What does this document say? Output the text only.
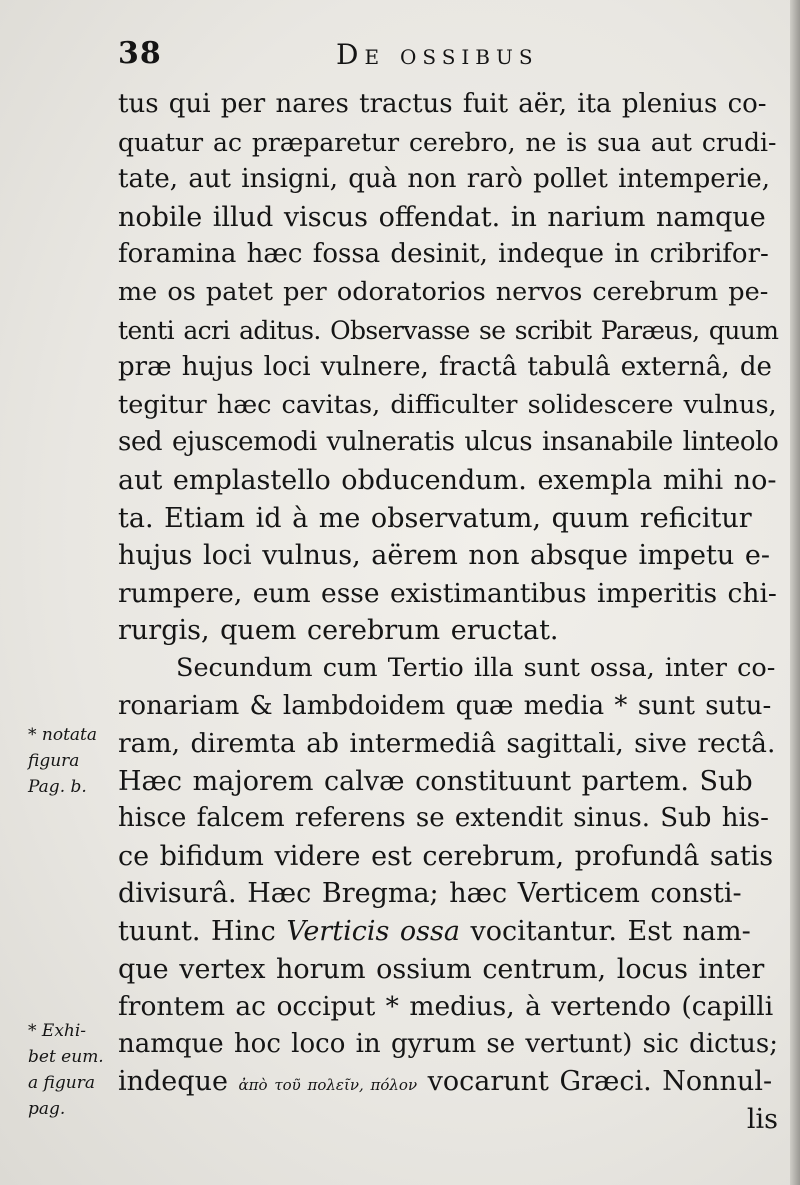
38	De ossibus
tus qui per nares tractus fuit aër, ita plenius co-
quatur ac præparetur cerebro, ne is sua aut crudi-
tate, aut insigni, quà non rarò pollet intemperie,
nobile illud viscus offendat. in narium namque
foramina hæc fossa desinit, indeque in cribrifor-
me os patet per odoratorios nervos cerebrum pe-
tenti acri aditus. Observasse se scribit Paræus, quum
præ hujus loci vulnere, fractâ tabulâ externâ, de
tegitur hæc cavitas, difficulter solidescere vulnus,
sed ejuscemodi vulneratis ulcus insanabile linteolo
aut emplastello obducendum. exempla mihi no-
ta. Etiam id à me observatum, quum reficitur
hujus loci vulnus, aërem non absque impetu e-
rumpere, eum esse existimantibus imperitis chi-
rurgis, quem cerebrum eructat.
Secundum cum Tertio illa sunt ossa, inter co-
ronariam & lambdoidem quæ media * sunt sutu-
ram, diremta ab intermediâ sagittali, sive rectâ.
Hæc majorem calvæ constituunt partem. Sub
hisce falcem referens se extendit sinus. Sub his-
ce bifidum videre est cerebrum, profundâ satis
divisurâ. Hæc Bregma; hæc Verticem consti-
tuunt. Hinc Verticis ossa vocitantur. Est nam-
que vertex horum ossium centrum, locus inter
frontem ac occiput * medius, à vertendo (capilli
namque hoc loco in gyrum se vertunt) sic dictus;
indeque ἀπὸ τοῦ πολεῖν, πόλον vocarunt Græci. Nonnul-
lis
* notata
figura
Pag. b.
* Exhi-
bet eum.
a figura
pag.
